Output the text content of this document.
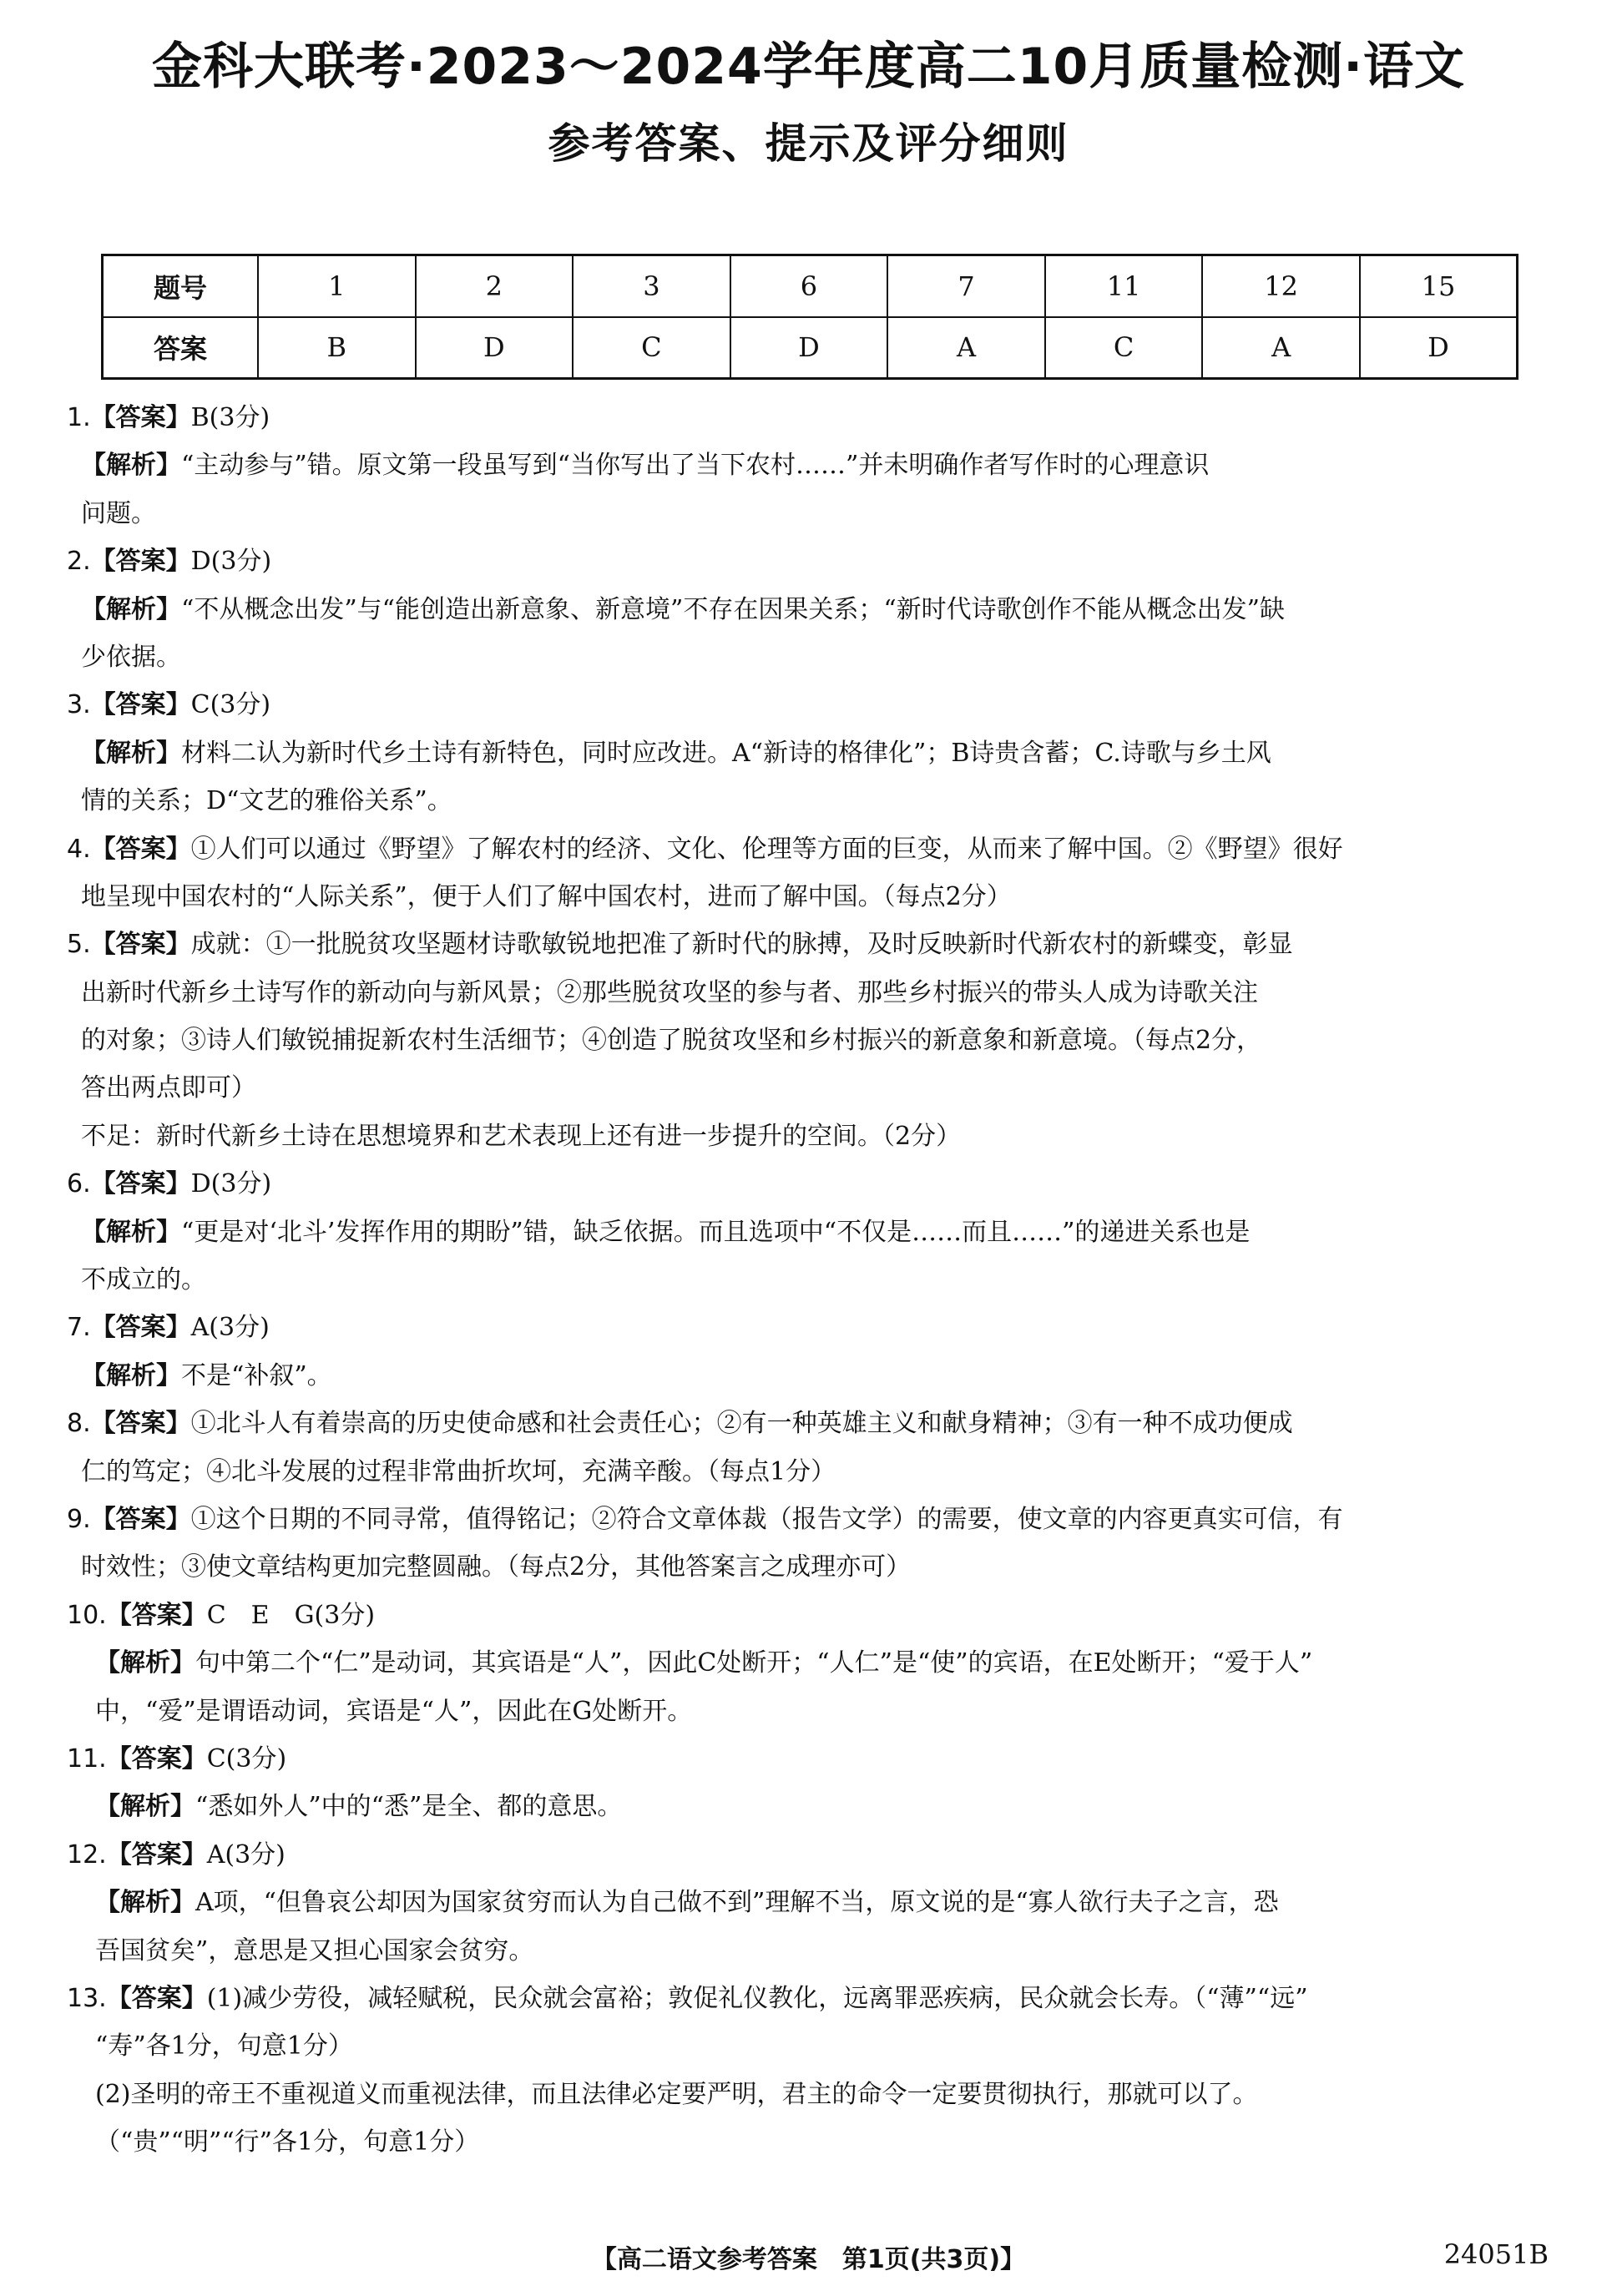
金科大联考·2023～2024学年度高二10月质量检测·语文
参考答案、提示及评分细则
题号	1	2	3	6	7	11	12	15
答案	B	D	C	D	A	C	A	D
1.【答案】B(3分)
【解析】“主动参与”错。原文第一段虽写到“当你写出了当下农村……”并未明确作者写作时的心理意识
问题。
2.【答案】D(3分)
【解析】“不从概念出发”与“能创造出新意象、新意境”不存在因果关系；“新时代诗歌创作不能从概念出发”缺
少依据。
3.【答案】C(3分)
【解析】材料二认为新时代乡土诗有新特色，同时应改进。A“新诗的格律化”；B诗贵含蓄；C.诗歌与乡土风
情的关系；D“文艺的雅俗关系”。
4.【答案】①人们可以通过《野望》了解农村的经济、文化、伦理等方面的巨变，从而来了解中国。②《野望》很好
地呈现中国农村的“人际关系”，便于人们了解中国农村，进而了解中国。（每点2分）
5.【答案】成就：①一批脱贫攻坚题材诗歌敏锐地把准了新时代的脉搏，及时反映新时代新农村的新蝶变，彰显
出新时代新乡土诗写作的新动向与新风景；②那些脱贫攻坚的参与者、那些乡村振兴的带头人成为诗歌关注
的对象；③诗人们敏锐捕捉新农村生活细节；④创造了脱贫攻坚和乡村振兴的新意象和新意境。（每点2分，
答出两点即可）
不足：新时代新乡土诗在思想境界和艺术表现上还有进一步提升的空间。（2分）
6.【答案】D(3分)
【解析】“更是对‘北斗’发挥作用的期盼”错，缺乏依据。而且选项中“不仅是……而且……”的递进关系也是
不成立的。
7.【答案】A(3分)
【解析】不是“补叙”。
8.【答案】①北斗人有着崇高的历史使命感和社会责任心；②有一种英雄主义和献身精神；③有一种不成功便成
仁的笃定；④北斗发展的过程非常曲折坎坷，充满辛酸。（每点1分）
9.【答案】①这个日期的不同寻常，值得铭记；②符合文章体裁（报告文学）的需要，使文章的内容更真实可信，有
时效性；③使文章结构更加完整圆融。（每点2分，其他答案言之成理亦可）
10.【答案】C　E　G(3分)
【解析】句中第二个“仁”是动词，其宾语是“人”，因此C处断开；“人仁”是“使”的宾语，在E处断开；“爱于人”
中，“爱”是谓语动词，宾语是“人”，因此在G处断开。
11.【答案】C(3分)
【解析】“悉如外人”中的“悉”是全、都的意思。
12.【答案】A(3分)
【解析】A项，“但鲁哀公却因为国家贫穷而认为自己做不到”理解不当，原文说的是“寡人欲行夫子之言，恐
吾国贫矣”，意思是又担心国家会贫穷。
13.【答案】(1)减少劳役，减轻赋税，民众就会富裕；敦促礼仪教化，远离罪恶疾病，民众就会长寿。（“薄”“远”
“寿”各1分，句意1分）
(2)圣明的帝王不重视道义而重视法律，而且法律必定要严明，君主的命令一定要贯彻执行，那就可以了。
（“贵”“明”“行”各1分，句意1分）
【高二语文参考答案　第1页(共3页)】	24051B
